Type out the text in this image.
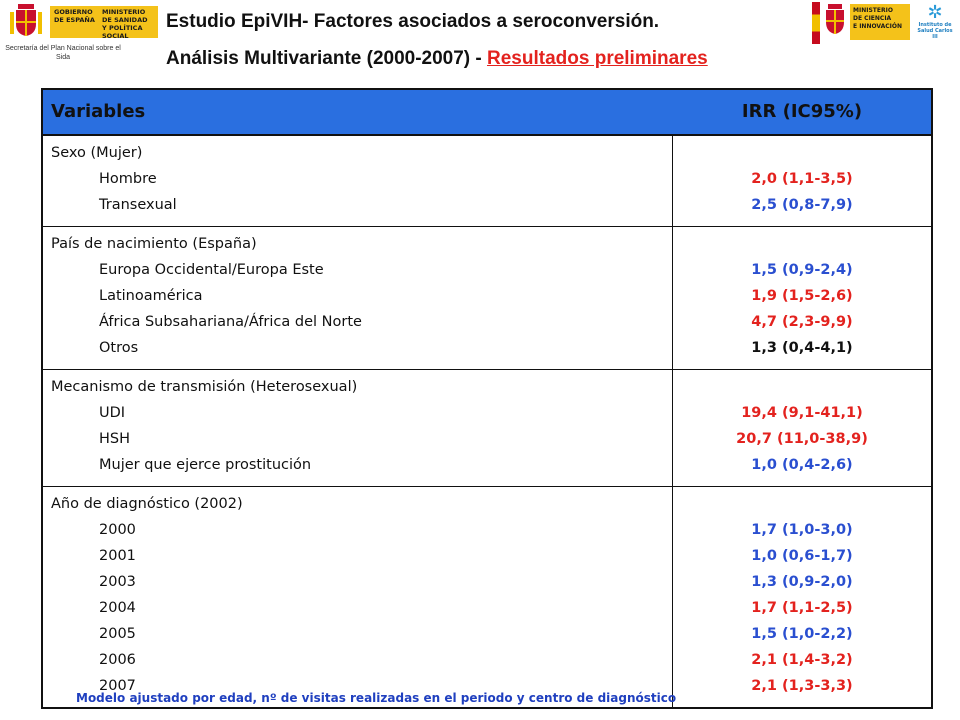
GOBIERNO
DE ESPAÑAMINISTERIO
DE SANIDAD
Y POLÍTICA SOCIAL
Secretaría del Plan Nacional sobre el Sida
MINISTERIO
DE CIENCIA
E INNOVACIÓN
✲
Instituto de Salud Carlos III
Estudio EpiVIH- Factores asociados a seroconversión.
Análisis Multivariante (2000-2007) - Resultados preliminares
Variables	IRR (IC95%)
Sexo (Mujer)
Hombre
Transexual
2,0 (1,1-3,5)
2,5 (0,8-7,9)
País de nacimiento (España)
Europa Occidental/Europa Este
Latinoamérica
África Subsahariana/África del Norte
Otros
1,5 (0,9-2,4)
1,9 (1,5-2,6)
4,7 (2,3-9,9)
1,3 (0,4-4,1)
Mecanismo de transmisión (Heterosexual)
UDI
HSH
Mujer que ejerce prostitución
19,4 (9,1-41,1)
20,7 (11,0-38,9)
1,0 (0,4-2,6)
Año de diagnóstico (2002)
2000
2001
2003
2004
2005
2006
2007
1,7 (1,0-3,0)
1,0 (0,6-1,7)
1,3 (0,9-2,0)
1,7 (1,1-2,5)
1,5 (1,0-2,2)
2,1 (1,4-3,2)
2,1 (1,3-3,3)
Modelo ajustado por edad, nº de visitas realizadas en el periodo y centro de diagnóstico
